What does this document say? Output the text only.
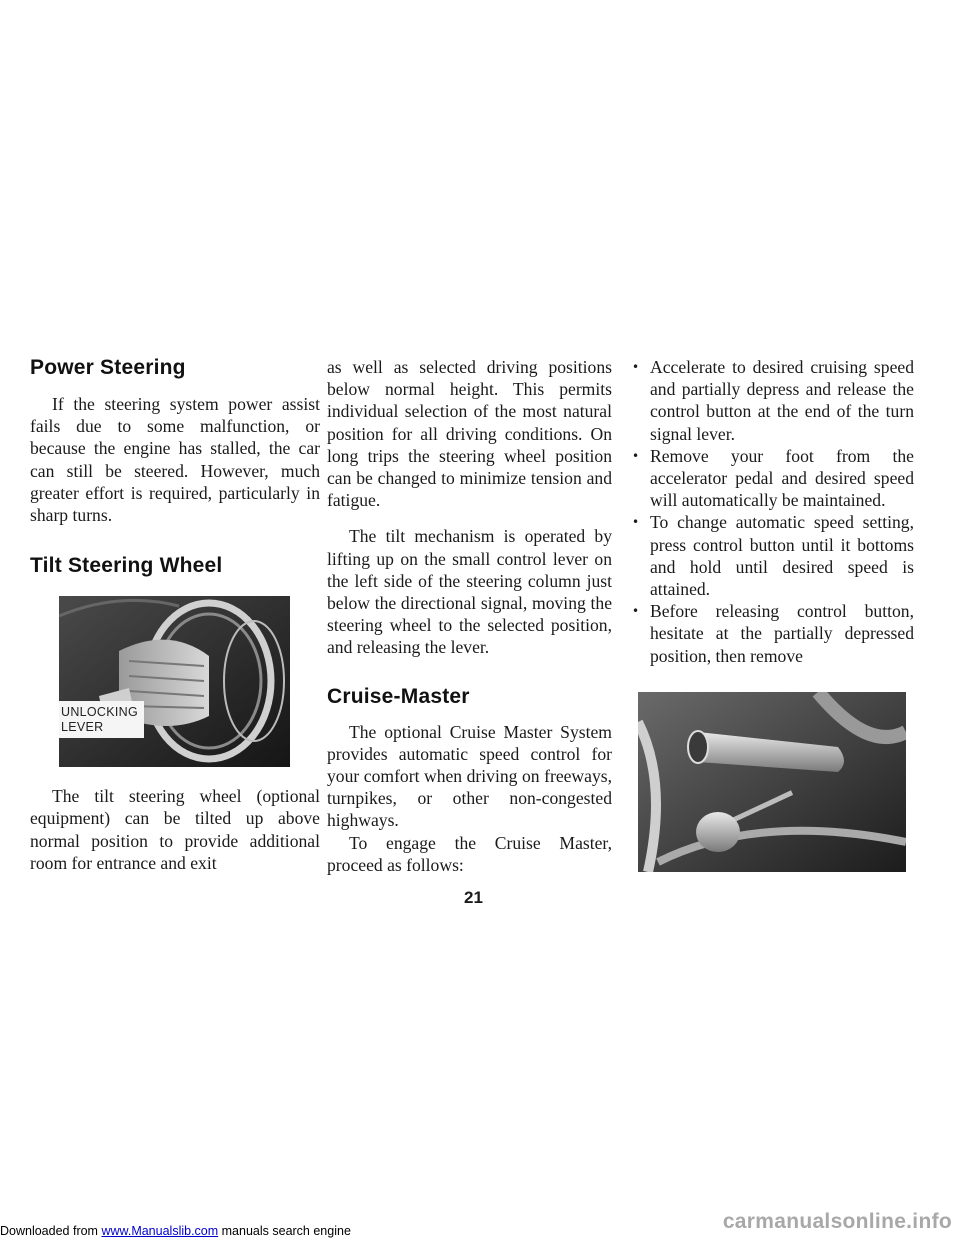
Power Steering

If the steering system power assist fails due to some malfunction, or because the engine has stalled, the car can still be steered. However, much greater effort is required, particularly in sharp turns.

Tilt Steering Wheel
UNLOCKING
LEVER

The tilt steering wheel (optional equipment) can be tilted up above normal position to provide additional room for entrance and exit

as well as selected driving positions below normal height. This permits individual selection of the most natural position for all driving conditions. On long trips the steering wheel position can be changed to minimize tension and fatigue.

The tilt mechanism is operated by lifting up on the small control lever on the left side of the steering column just below the directional signal, moving the steering wheel to the selected position, and releasing the lever.

Cruise-Master

The optional Cruise Master System provides automatic speed control for your comfort when driving on freeways, turnpikes, or other non-congested highways.

To engage the Cruise Master, proceed as follows:

• Accelerate to desired cruising speed and partially depress and release the control button at the end of the turn signal lever.
• Remove your foot from the accelerator pedal and desired speed will automatically be maintained.
• To change automatic speed setting, press control button until it bottoms and hold until desired speed is attained.
• Before releasing control button, hesitate at the partially depressed position, then remove
21
Downloaded from www.Manualslib.com manuals search engine	carmanualsonline.info
